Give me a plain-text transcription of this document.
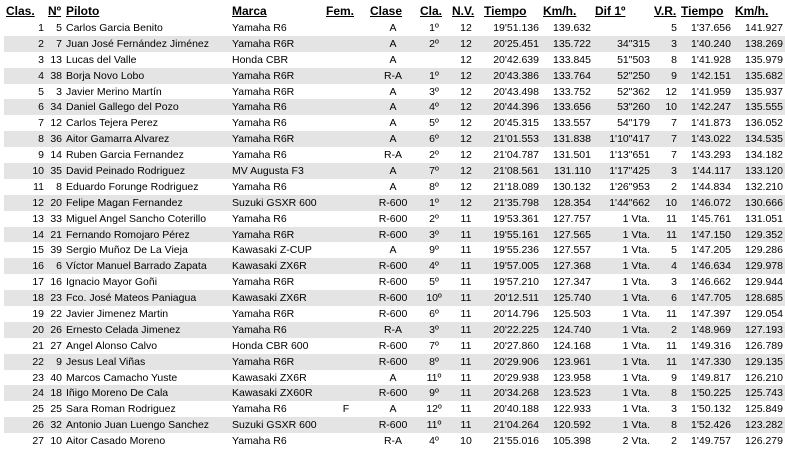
Clas.	Nº	Piloto	Marca	Fem.	Clase	Cla.	N.V.	Tiempo	Km/h.	Dif 1º	V.R.	Tiempo	Km/h.
1	5	Carlos Garcia Benito	Yamaha R6		A	1º	12	19'51.136	139.632		5	1'37.656	141.927
2	7	Juan José Fernández Jiménez	Yamaha R6R		A	2º	12	20'25.451	135.722	34"315	3	1'40.240	138.269
3	13	Lucas del Valle	Honda CBR		A		12	20'42.639	133.845	51"503	8	1'41.928	135.979
4	38	Borja Novo Lobo	Yamaha R6R		R-A	1º	12	20'43.386	133.764	52"250	9	1'42.151	135.682
5	3	Javier Merino Martín	Yamaha R6R		A	3º	12	20'43.498	133.752	52"362	12	1'41.959	135.937
6	34	Daniel Gallego del Pozo	Yamaha R6		A	4º	12	20'44.396	133.656	53"260	10	1'42.247	135.555
7	12	Carlos Tejera Perez	Yamaha R6		A	5º	12	20'45.315	133.557	54"179	7	1'41.873	136.052
8	36	Aitor Gamarra Alvarez	Yamaha R6R		A	6º	12	21'01.553	131.838	1'10"417	7	1'43.022	134.535
9	14	Ruben Garcia Fernandez	Yamaha R6		R-A	2º	12	21'04.787	131.501	1'13"651	7	1'43.293	134.182
10	35	David Peinado Rodriguez	MV Augusta F3		A	7º	12	21'08.561	131.110	1'17"425	3	1'44.117	133.120
11	8	Eduardo Forunge Rodriguez	Yamaha R6		A	8º	12	21'18.089	130.132	1'26"953	2	1'44.834	132.210
12	20	Felipe Magan Fernandez	Suzuki GSXR 600		R-600	1º	12	21'35.798	128.354	1'44"662	10	1'46.072	130.666
13	33	Miguel Angel Sancho Coterillo	Yamaha R6		R-600	2º	11	19'53.361	127.757	1 Vta.	11	1'45.761	131.051
14	21	Fernando Romojaro Pérez	Yamaha R6R		R-600	3º	11	19'55.161	127.565	1 Vta.	11	1'47.150	129.352
15	39	Sergio Muñoz De La Vieja	Kawasaki Z-CUP		A	9º	11	19'55.236	127.557	1 Vta.	5	1'47.205	129.286
16	6	Víctor Manuel Barrado Zapata	Kawasaki ZX6R		R-600	4º	11	19'57.005	127.368	1 Vta.	4	1'46.634	129.978
17	16	Ignacio Mayor Goñi	Yamaha R6R		R-600	5º	11	19'57.210	127.347	1 Vta.	3	1'46.662	129.944
18	23	Fco. José Mateos Paniagua	Kawasaki ZX6R		R-600	10º	11	20'12.511	125.740	1 Vta.	6	1'47.705	128.685
19	22	Javier Jimenez Martin	Yamaha R6R		R-600	6º	11	20'14.796	125.503	1 Vta.	11	1'47.397	129.054
20	26	Ernesto Celada Jimenez	Yamaha R6		R-A	3º	11	20'22.225	124.740	1 Vta.	2	1'48.969	127.193
21	27	Angel Alonso Calvo	Honda CBR 600		R-600	7º	11	20'27.860	124.168	1 Vta.	11	1'49.316	126.789
22	9	Jesus Leal Viñas	Yamaha R6R		R-600	8º	11	20'29.906	123.961	1 Vta.	11	1'47.330	129.135
23	40	Marcos Camacho Yuste	Kawasaki ZX6R		A	11º	11	20'29.938	123.958	1 Vta.	9	1'49.817	126.210
24	18	Iñigo Moreno De Cala	Kawasaki ZX60R		R-600	9º	11	20'34.268	123.523	1 Vta.	8	1'50.225	125.743
25	25	Sara Roman Rodriguez	Yamaha R6	F	A	12º	11	20'40.188	122.933	1 Vta.	3	1'50.132	125.849
26	32	Antonio Juan Luengo Sanchez	Suzuki GSXR 600		R-600	11º	11	21'04.264	120.592	1 Vta.	8	1'52.426	123.282
27	10	Aitor Casado Moreno	Yamaha R6		R-A	4º	10	21'55.016	105.398	2 Vta.	2	1'49.757	126.279
